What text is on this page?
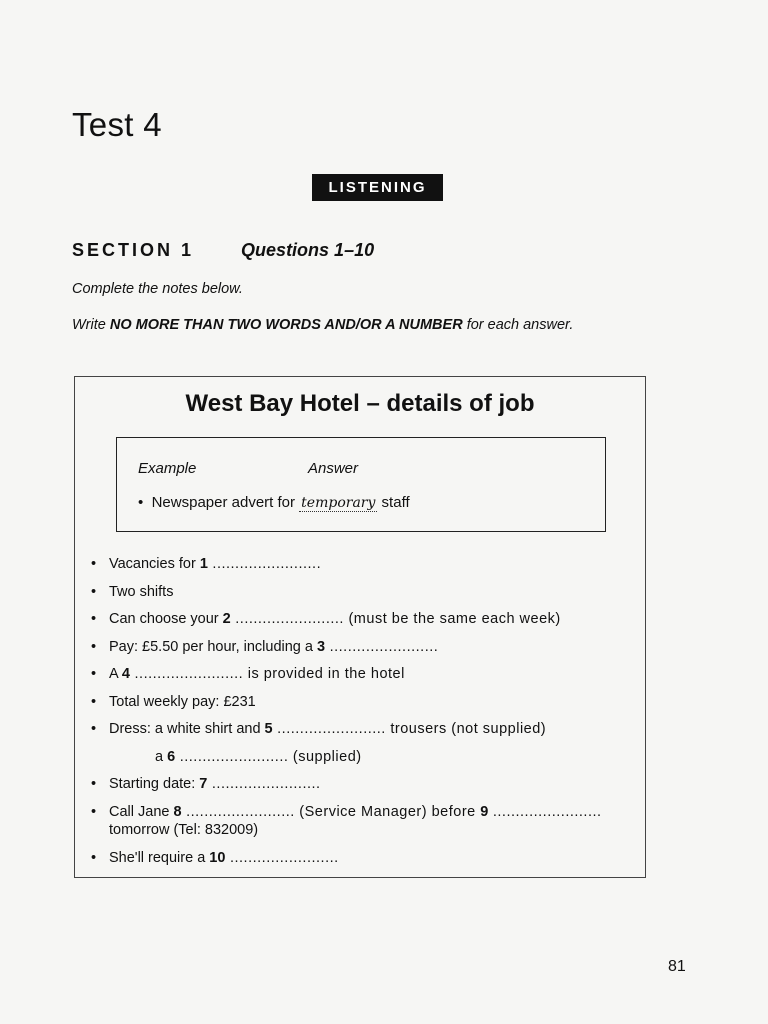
Test 4
LISTENING
SECTION 1	Questions 1–10
Complete the notes below.
Write NO MORE THAN TWO WORDS AND/OR A NUMBER for each answer.
West Bay Hotel – details of job
Example	Answer
•  Newspaper advert for temporary staff
• Vacancies for 1 ........................
• Two shifts
• Can choose your 2 ........................ (must be the same each week)
• Pay: £5.50 per hour, including a 3 ........................
• A 4 ........................ is provided in the hotel
• Total weekly pay: £231
• Dress: a white shirt and 5 ........................ trousers (not supplied)
a 6 ........................ (supplied)
• Starting date: 7 ........................
• Call Jane 8 ........................ (Service Manager) before 9 ........................
tomorrow (Tel: 832009)
• She'll require a 10 ........................
81
